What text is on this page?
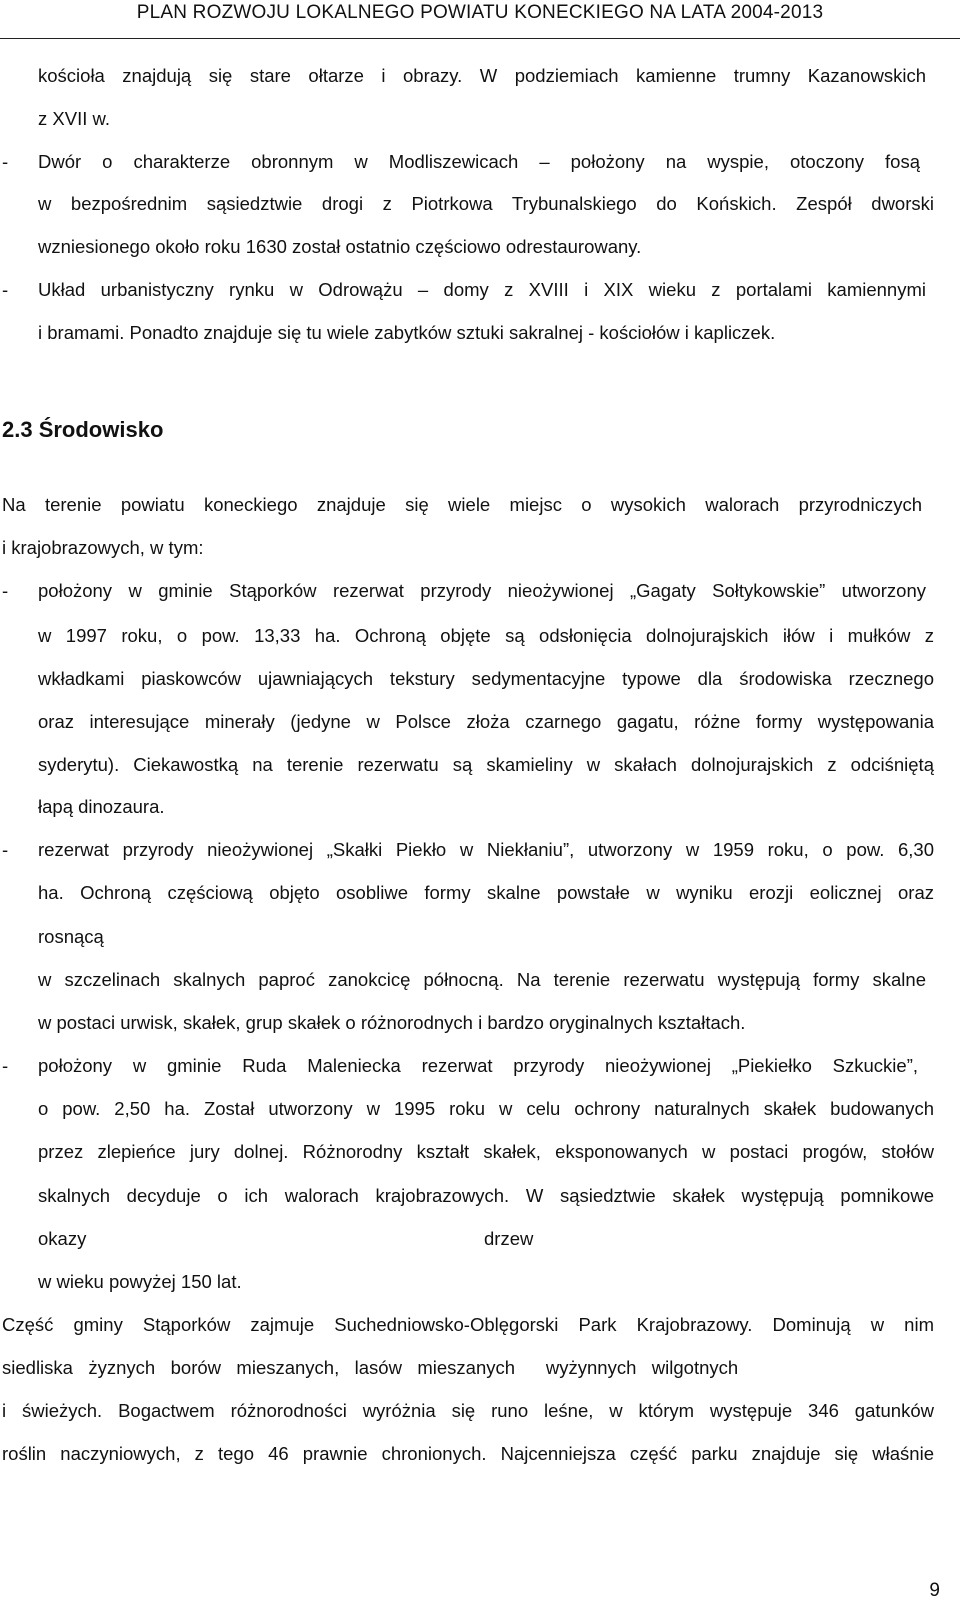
PLAN ROZWOJU LOKALNEGO POWIATU KONECKIEGO NA LATA 2004-2013
kościoła znajdują się stare ołtarze i obrazy. W podziemiach kamienne trumny Kazanowskich
z XVII w.
- Dwór o charakterze obronnym w Modliszewicach – położony na wyspie, otoczony fosą
w bezpośrednim sąsiedztwie drogi z Piotrkowa Trybunalskiego do Końskich. Zespół dworski
wzniesionego około roku 1630 został ostatnio częściowo odrestaurowany.
- Układ urbanistyczny rynku w Odrowążu – domy z XVIII i XIX wieku z portalami kamiennymi
i bramami. Ponadto znajduje się tu wiele zabytków sztuki sakralnej - kościołów i kapliczek.
2.3 Środowisko
Na terenie powiatu koneckiego znajduje się wiele miejsc o wysokich walorach przyrodniczych
i krajobrazowych, w tym:
- położony w gminie Stąporków rezerwat przyrody nieożywionej „Gagaty Sołtykowskie” utworzony
w 1997 roku, o pow. 13,33 ha. Ochroną objęte są odsłonięcia dolnojurajskich iłów i mułków z
wkładkami piaskowców ujawniających tekstury sedymentacyjne typowe dla środowiska rzecznego
oraz interesujące minerały (jedyne w Polsce złoża czarnego gagatu, różne formy występowania
syderytu). Ciekawostką na terenie rezerwatu są skamieliny w skałach dolnojurajskich z odciśniętą
łapą dinozaura.
- rezerwat przyrody nieożywionej „Skałki Piekło w Niekłaniu”, utworzony w 1959 roku, o pow. 6,30
ha. Ochroną częściową objęto osobliwe formy skalne powstałe w wyniku erozji eolicznej oraz
rosnącą
w szczelinach skalnych paproć zanokcicę północną. Na terenie rezerwatu występują formy skalne
w postaci urwisk, skałek, grup skałek o różnorodnych i bardzo oryginalnych kształtach.
- położony w gminie Ruda Maleniecka rezerwat przyrody nieożywionej „Piekiełko Szkuckie”,
o pow. 2,50 ha. Został utworzony w 1995 roku w celu ochrony naturalnych skałek budowanych
przez zlepieńce jury dolnej. Różnorodny kształt skałek, eksponowanych w postaci progów, stołów
skalnych decyduje o ich walorach krajobrazowych. W sąsiedztwie skałek występują pomnikowe
okazy	drzew
w wieku powyżej 150 lat.
Część gminy Stąporków zajmuje Suchedniowsko-Oblęgorski Park Krajobrazowy. Dominują w nim
siedliska   żyznych   borów   mieszanych,   lasów   mieszanych      wyżynnych   wilgotnych
i świeżych. Bogactwem różnorodności wyróżnia się runo leśne, w którym występuje 346 gatunków
roślin naczyniowych, z tego 46 prawnie chronionych. Najcenniejsza część parku znajduje się właśnie
9
